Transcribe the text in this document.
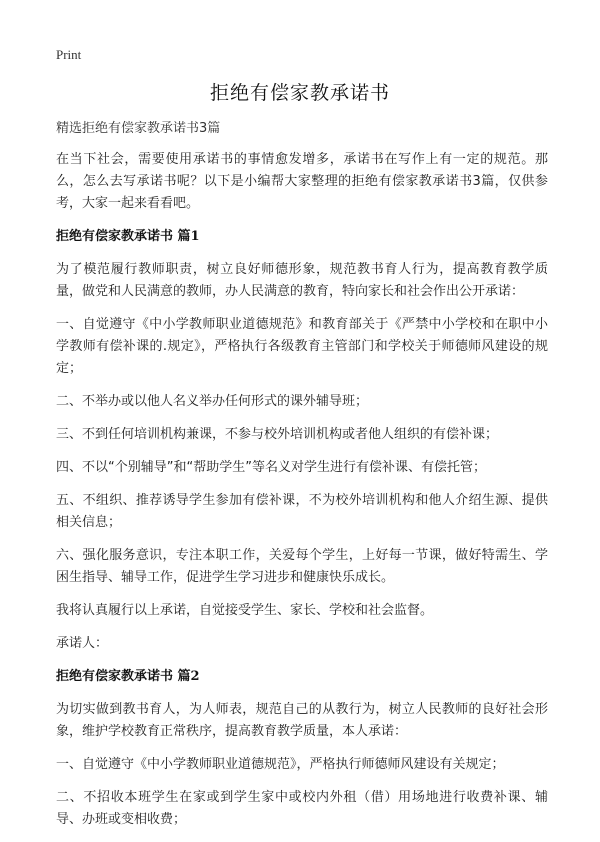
Print
拒绝有偿家教承诺书

精选拒绝有偿家教承诺书3篇

在当下社会，需要使用承诺书的事情愈发增多，承诺书在写作上有一定的规范。那么，怎么去写承诺书呢？以下是小编帮大家整理的拒绝有偿家教承诺书3篇，仅供参考，大家一起来看看吧。

拒绝有偿家教承诺书 篇1

为了模范履行教师职责，树立良好师德形象，规范教书育人行为，提高教育教学质量，做党和人民满意的教师，办人民满意的教育，特向家长和社会作出公开承诺：

一、自觉遵守《中小学教师职业道德规范》和教育部关于《严禁中小学校和在职中小学教师有偿补课的.规定》，严格执行各级教育主管部门和学校关于师德师风建设的规定；

二、不举办或以他人名义举办任何形式的课外辅导班；

三、不到任何培训机构兼课，不参与校外培训机构或者他人组织的有偿补课；

四、不以“个别辅导”和“帮助学生”等名义对学生进行有偿补课、有偿托管；

五、不组织、推荐诱导学生参加有偿补课，不为校外培训机构和他人介绍生源、提供相关信息；

六、强化服务意识，专注本职工作，关爱每个学生，上好每一节课，做好特需生、学困生指导、辅导工作，促进学生学习进步和健康快乐成长。

我将认真履行以上承诺，自觉接受学生、家长、学校和社会监督。

承诺人：

拒绝有偿家教承诺书 篇2

为切实做到教书育人，为人师表，规范自己的从教行为，树立人民教师的良好社会形象，维护学校教育正常秩序，提高教育教学质量，本人承诺：

一、自觉遵守《中小学教师职业道德规范》，严格执行师德师风建设有关规定；

二、不招收本班学生在家或到学生家中或校内外租（借）用场地进行收费补课、辅导、办班或变相收费；
